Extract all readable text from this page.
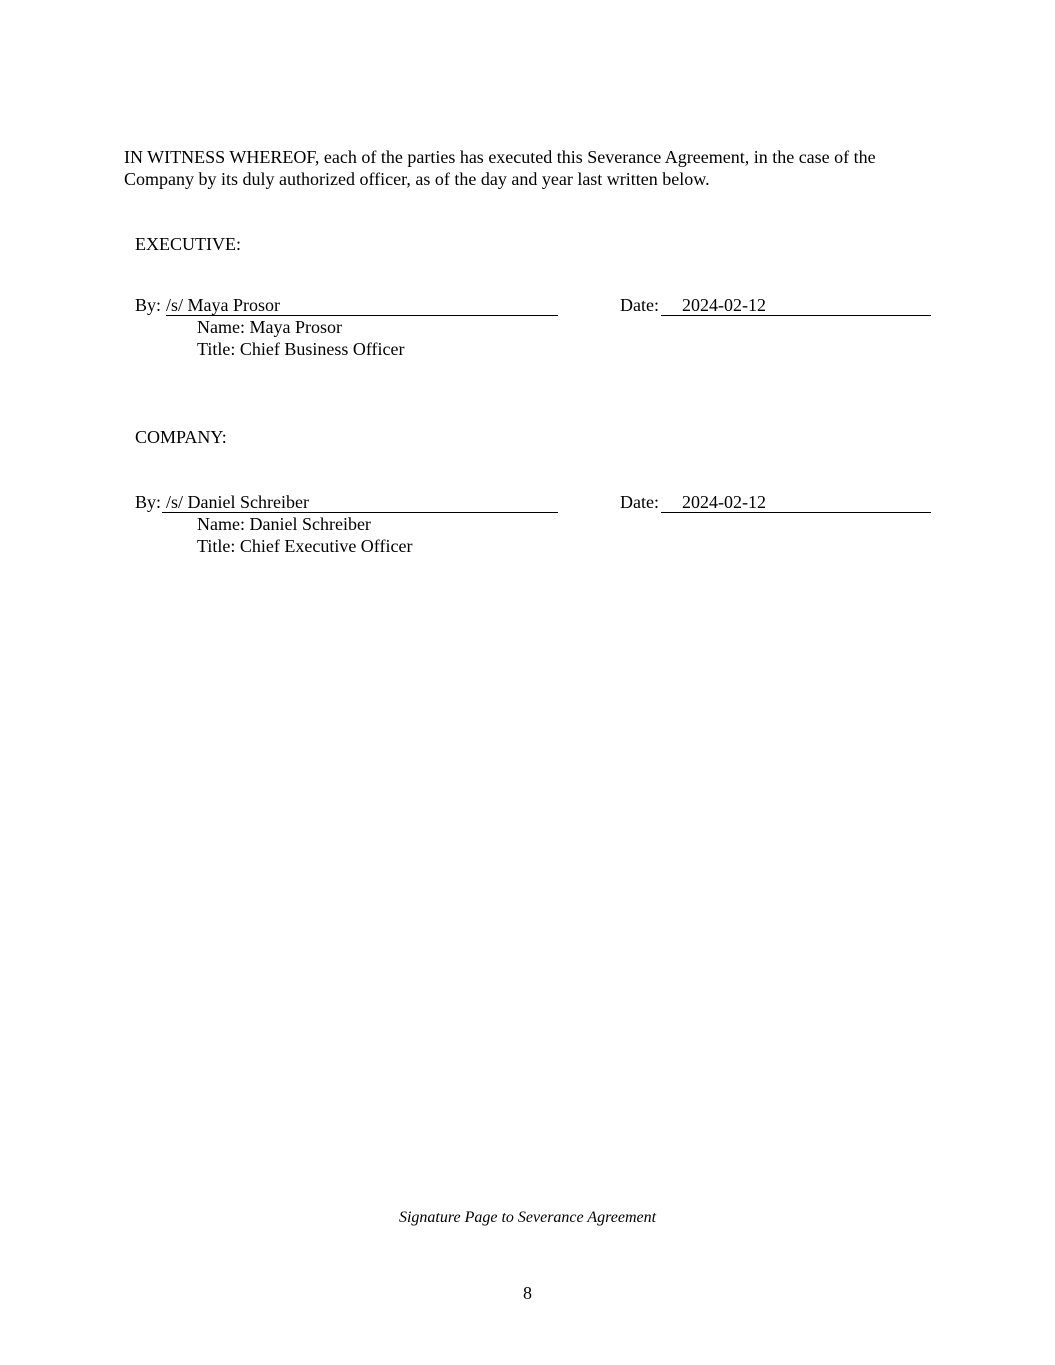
IN WITNESS WHEREOF, each of the parties has executed this Severance Agreement, in the case of the
Company by its duly authorized officer, as of the day and year last written below.
EXECUTIVE:
By: /s/ Maya Prosor	Date: 2024-02-12
Name: Maya Prosor
Title: Chief Business Officer
COMPANY:
By: /s/ Daniel Schreiber	Date: 2024-02-12
Name: Daniel Schreiber
Title: Chief Executive Officer
Signature Page to Severance Agreement
8
